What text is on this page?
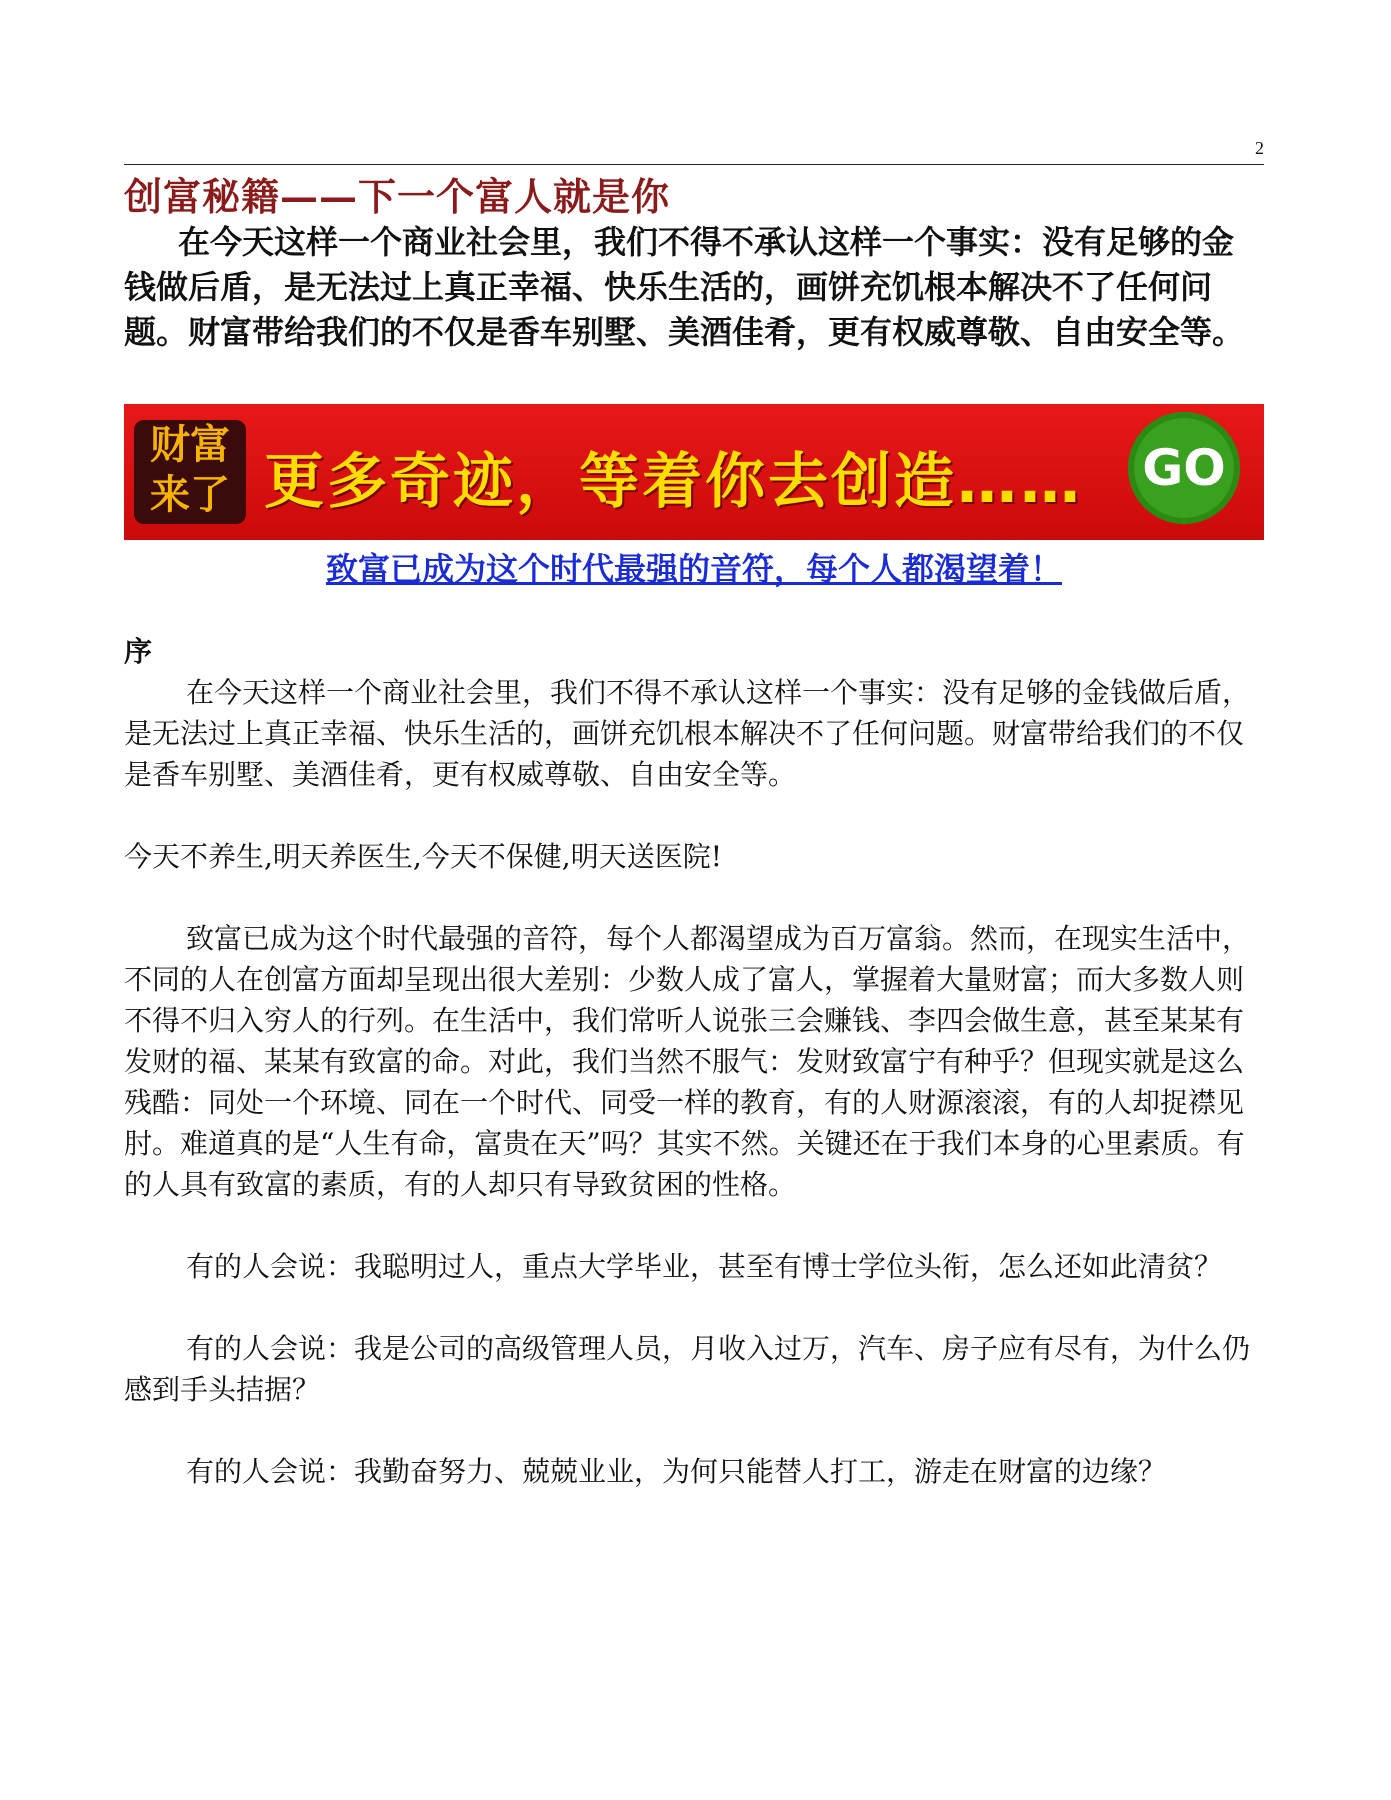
2
创富秘籍——下一个富人就是你

在今天这样一个商业社会里，我们不得不承认这样一个事实：没有足够的金钱做后盾，是无法过上真正幸福、快乐生活的，画饼充饥根本解决不了任何问题。财富带给我们的不仅是香车别墅、美酒佳肴，更有权威尊敬、自由安全等。

财富
来了 更多奇迹，等着你去创造…… GO
致富已成为这个时代最强的音符，每个人都渴望着！
序

在今天这样一个商业社会里，我们不得不承认这样一个事实：没有足够的金钱做后盾，是无法过上真正幸福、快乐生活的，画饼充饥根本解决不了任何问题。财富带给我们的不仅是香车别墅、美酒佳肴，更有权威尊敬、自由安全等。

今天不养生,明天养医生,今天不保健,明天送医院!

致富已成为这个时代最强的音符，每个人都渴望成为百万富翁。然而，在现实生活中，不同的人在创富方面却呈现出很大差别：少数人成了富人，掌握着大量财富；而大多数人则不得不归入穷人的行列。在生活中，我们常听人说张三会赚钱、李四会做生意，甚至某某有发财的福、某某有致富的命。对此，我们当然不服气：发财致富宁有种乎？但现实就是这么残酷：同处一个环境、同在一个时代、同受一样的教育，有的人财源滚滚，有的人却捉襟见肘。难道真的是“人生有命，富贵在天”吗？其实不然。关键还在于我们本身的心里素质。有的人具有致富的素质，有的人却只有导致贫困的性格。

有的人会说：我聪明过人，重点大学毕业，甚至有博士学位头衔，怎么还如此清贫？

有的人会说：我是公司的高级管理人员，月收入过万，汽车、房子应有尽有，为什么仍感到手头拮据？

有的人会说：我勤奋努力、兢兢业业，为何只能替人打工，游走在财富的边缘？
